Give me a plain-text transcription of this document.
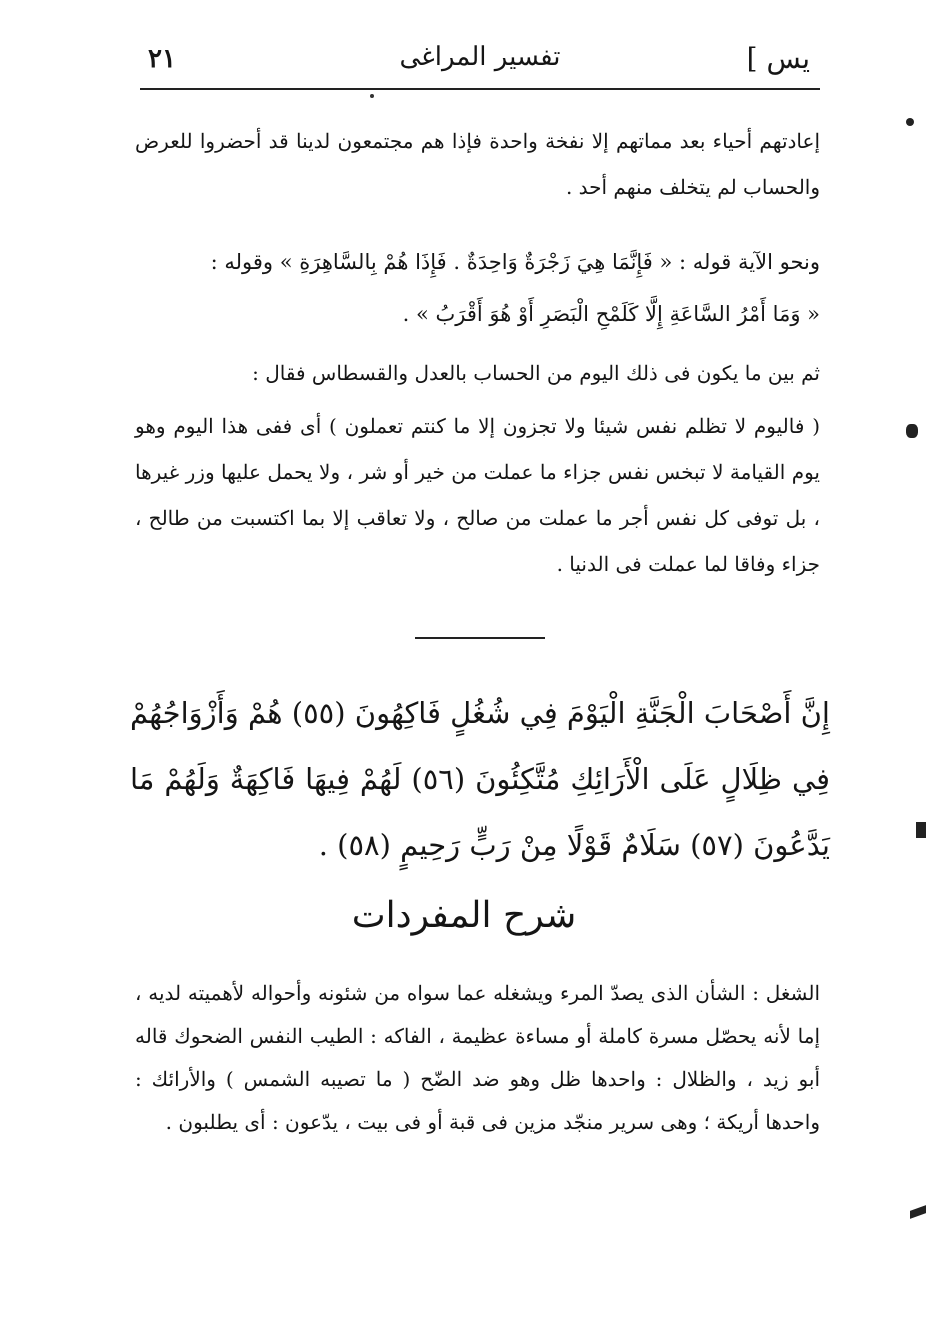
يس ]
تفسير المراغى
٢١
إعادتهم أحياء بعد مماتهم إلا نفخة واحدة فإذا هم مجتمعون لدينا قد أحضروا للعرض والحساب لم يتخلف منهم أحد .
ونحو الآية قوله : « فَإِنَّمَا هِيَ زَجْرَةٌ وَاحِدَةٌ . فَإِذَا هُمْ بِالسَّاهِرَةِ » وقوله :
« وَمَا أَمْرُ السَّاعَةِ إِلَّا كَلَمْحِ الْبَصَرِ أَوْ هُوَ أَقْرَبُ » .
ثم بين ما يكون فى ذلك اليوم من الحساب بالعدل والقسطاس فقال :
( فاليوم لا تظلم نفس شيئا ولا تجزون إلا ما كنتم تعملون ) أى ففى هذا اليوم وهو يوم القيامة لا تبخس نفس جزاء ما عملت من خير أو شر ، ولا يحمل عليها وزر غيرها ، بل توفى كل نفس أجر ما عملت من صالح ، ولا تعاقب إلا بما اكتسبت من طالح ، جزاء وفاقا لما عملت فى الدنيا .
إِنَّ أَصْحَابَ الْجَنَّةِ الْيَوْمَ فِي شُغُلٍ فَاكِهُونَ (٥٥) هُمْ وَأَزْوَاجُهُمْ فِي ظِلَالٍ عَلَى الْأَرَائِكِ مُتَّكِئُونَ (٥٦) لَهُمْ فِيهَا فَاكِهَةٌ وَلَهُمْ مَا يَدَّعُونَ (٥٧) سَلَامٌ قَوْلًا مِنْ رَبٍّ رَحِيمٍ (٥٨) .
شرح المفردات
الشغل : الشأن الذى يصدّ المرء ويشغله عما سواه من شئونه وأحواله لأهميته لديه ، إما لأنه يحصّل مسرة كاملة أو مساءة عظيمة ، الفاكه : الطيب النفس الضحوك قاله أبو زيد ، والظلال : واحدها ظل وهو ضد الضّح ( ما تصيبه الشمس ) والأرائك : واحدها أريكة ؛ وهى سرير منجّد مزين فى قبة أو فى بيت ، يدّعون : أى يطلبون .
